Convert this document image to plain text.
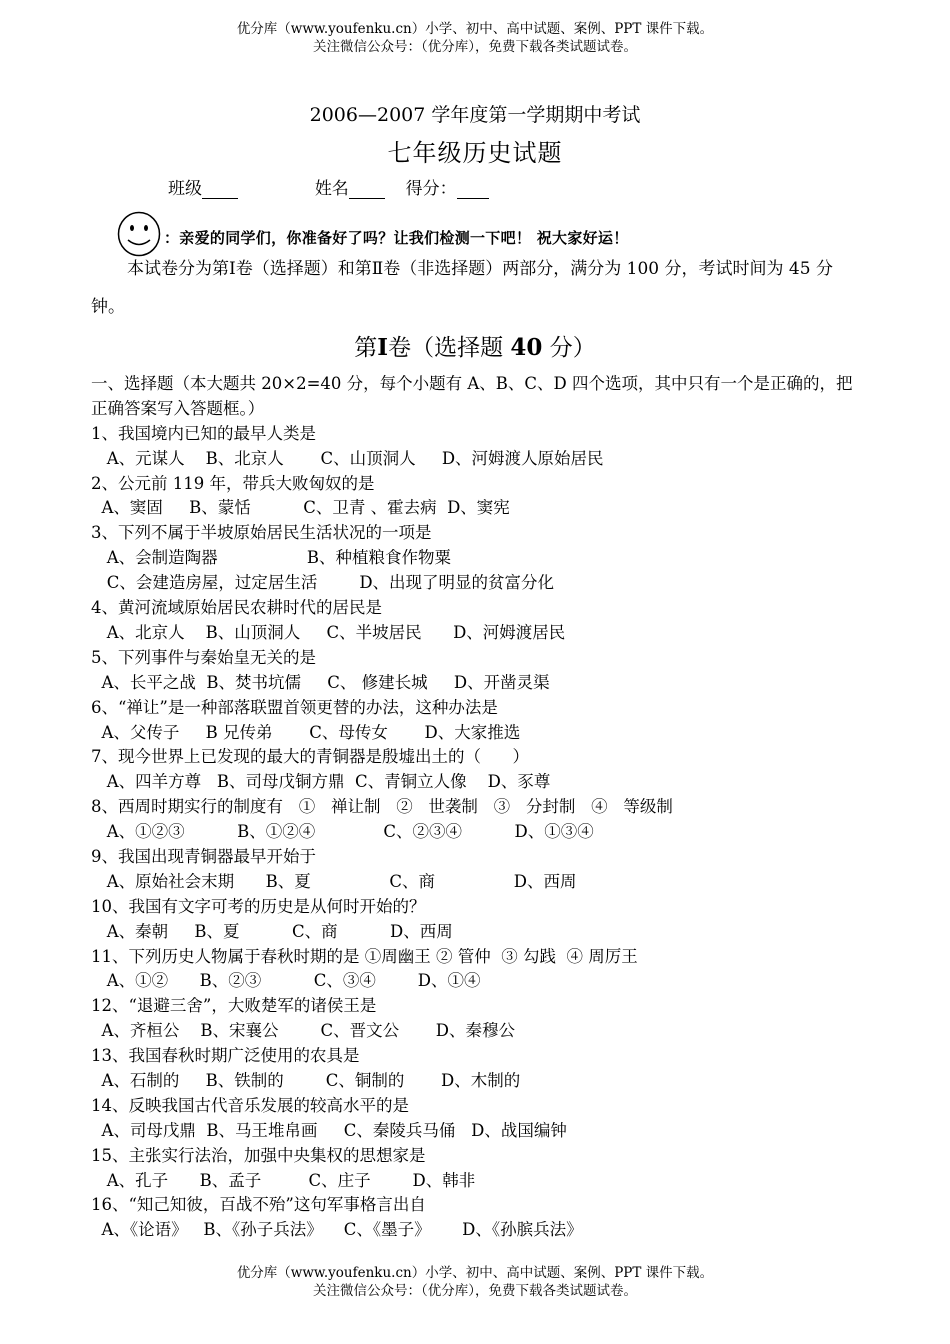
优分库（www.youfenku.cn）小学、初中、高中试题、案例、PPT 课件下载。
关注微信公众号：（优分库），免费下载各类试题试卷。
2006—2007 学年度第一学期期中考试
七年级历史试题
班级	姓名	得分：
：亲爱的同学们，你准备好了吗？让我们检测一下吧！ 祝大家好运！
本试卷分为第Ⅰ卷（选择题）和第Ⅱ卷（非选择题）两部分，满分为 100 分，考试时间为 45 分钟。
第I卷（选择题 40 分）
一、选择题（本大题共 20×2=40 分，每个小题有 A、B、C、D 四个选项，其中只有一个是正确的，把正确答案写入答题框。）
1、我国境内已知的最早人类是
A、元谋人    B、北京人       C、山顶洞人     D、河姆渡人原始居民
2、公元前 119 年，带兵大败匈奴的是
A、窦固     B、蒙恬          C、卫青 、霍去病  D、窦宪
3、下列不属于半坡原始居民生活状况的一项是
A、会制造陶器                 B、种植粮食作物粟
C、会建造房屋，过定居生活        D、出现了明显的贫富分化
4、黄河流域原始居民农耕时代的居民是
A、北京人    B、山顶洞人     C、半坡居民      D、河姆渡居民
5、下列事件与秦始皇无关的是
A、长平之战  B、焚书坑儒     C、 修建长城     D、开凿灵渠
6、“禅让”是一种部落联盟首领更替的办法，这种办法是
A、父传子     B 兄传弟       C、母传女       D、大家推选
7、现今世界上已发现的最大的青铜器是殷墟出土的（      ）
A、四羊方尊   B、司母戊铜方鼎  C、青铜立人像    D、豕尊
8、西周时期实行的制度有   ①   禅让制   ②   世袭制   ③   分封制   ④   等级制
A、①②③          B、①②④             C、②③④          D、①③④
9、我国出现青铜器最早开始于
A、原始社会末期      B、夏               C、商               D、西周
10、我国有文字可考的历史是从何时开始的？
A、秦朝     B、夏          C、商          D、西周
11、下列历史人物属于春秋时期的是 ①周幽王 ② 管仲  ③ 勾践  ④ 周厉王
A、①②      B、②③          C、③④        D、①④
12、“退避三舍”，大败楚军的诸侯王是
A、齐桓公    B、宋襄公        C、晋文公       D、秦穆公
13、我国春秋时期广泛使用的农具是
A、石制的     B、铁制的        C、铜制的       D、木制的
14、反映我国古代音乐发展的较高水平的是
A、司母戊鼎  B、马王堆帛画     C、秦陵兵马俑   D、战国编钟
15、主张实行法治，加强中央集权的思想家是
A、孔子      B、孟子         C、庄子        D、韩非
16、“知己知彼，百战不殆”这句军事格言出自
A、《论语》   B、《孙子兵法》    C、《墨子》      D、《孙膑兵法》
优分库（www.youfenku.cn）小学、初中、高中试题、案例、PPT 课件下载。
关注微信公众号：（优分库），免费下载各类试题试卷。
